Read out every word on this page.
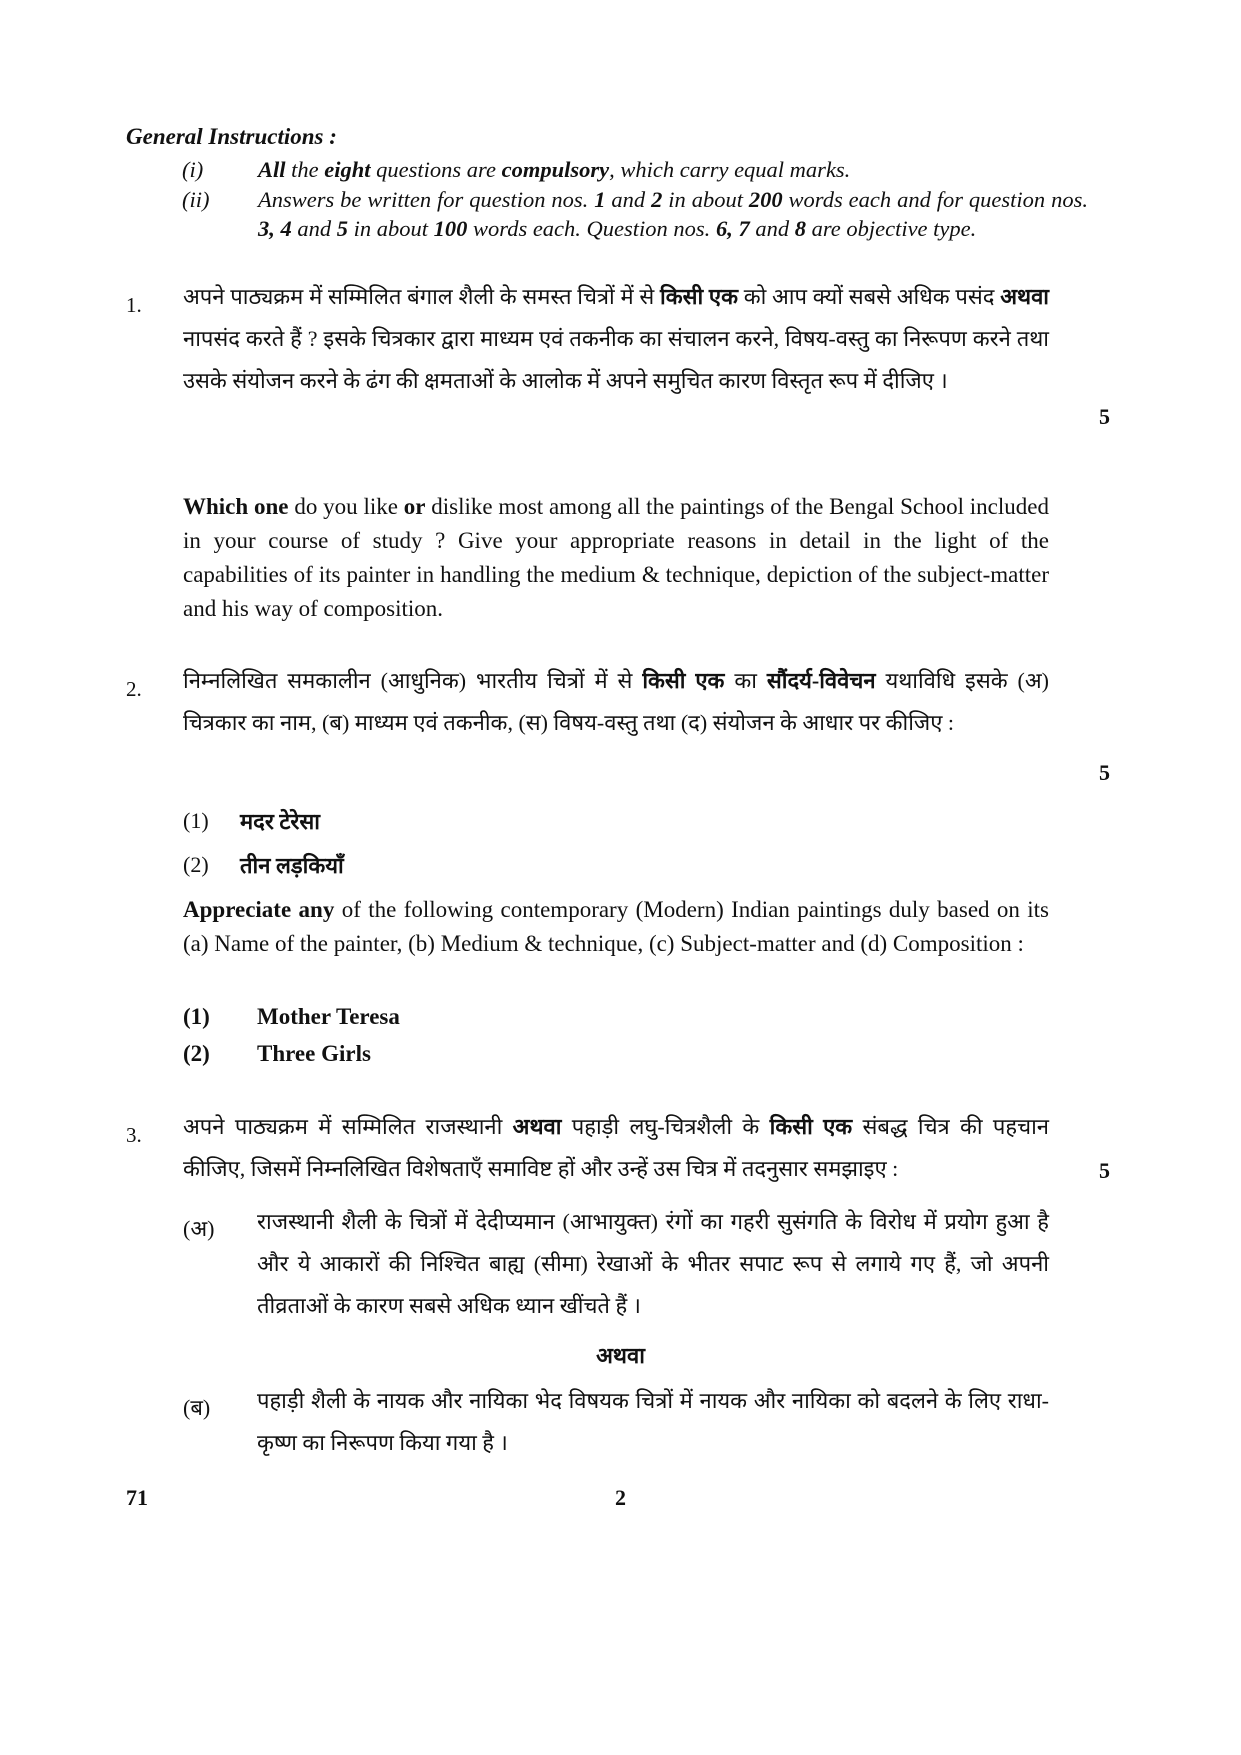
General Instructions :
(i)	All the eight questions are compulsory, which carry equal marks.
(ii)	Answers be written for question nos. 1 and 2 in about 200 words each and for question nos. 3, 4 and 5 in about 100 words each. Question nos. 6, 7 and 8 are objective type.
1. अपने पाठ्यक्रम में सम्मिलित बंगाल शैली के समस्त चित्रों में से किसी एक को आप क्यों सबसे अधिक पसंद अथवा नापसंद करते हैं ? इसके चित्रकार द्वारा माध्यम एवं तकनीक का संचालन करने, विषय-वस्तु का निरूपण करने तथा उसके संयोजन करने के ढंग की क्षमताओं के आलोक में अपने समुचित कारण विस्तृत रूप में दीजिए ।
5
Which one do you like or dislike most among all the paintings of the Bengal School included in your course of study ? Give your appropriate reasons in detail in the light of the capabilities of its painter in handling the medium & technique, depiction of the subject-matter and his way of composition.
2. निम्नलिखित समकालीन (आधुनिक) भारतीय चित्रों में से किसी एक का सौंदर्य-विवेचन यथाविधि इसके (अ) चित्रकार का नाम, (ब) माध्यम एवं तकनीक, (स) विषय-वस्तु तथा (द) संयोजन के आधार पर कीजिए :
5
(1) मदर टेरेसा
(2) तीन लड़कियाँ
Appreciate any of the following contemporary (Modern) Indian paintings duly based on its (a) Name of the painter, (b) Medium & technique, (c) Subject-matter and (d) Composition :
(1) Mother Teresa
(2) Three Girls
3. अपने पाठ्यक्रम में सम्मिलित राजस्थानी अथवा पहाड़ी लघु-चित्रशैली के किसी एक संबद्ध चित्र की पहचान कीजिए, जिसमें निम्नलिखित विशेषताएँ समाविष्ट हों और उन्हें उस चित्र में तदनुसार समझाइए :	5
(अ) राजस्थानी शैली के चित्रों में देदीप्यमान (आभायुक्त) रंगों का गहरी सुसंगति के विरोध में प्रयोग हुआ है और ये आकारों की निश्चित बाह्य (सीमा) रेखाओं के भीतर सपाट रूप से लगाये गए हैं, जो अपनी तीव्रताओं के कारण सबसे अधिक ध्यान खींचते हैं ।
अथवा
(ब) पहाड़ी शैली के नायक और नायिका भेद विषयक चित्रों में नायक और नायिका को बदलने के लिए राधा-कृष्ण का निरूपण किया गया है ।
71	2
